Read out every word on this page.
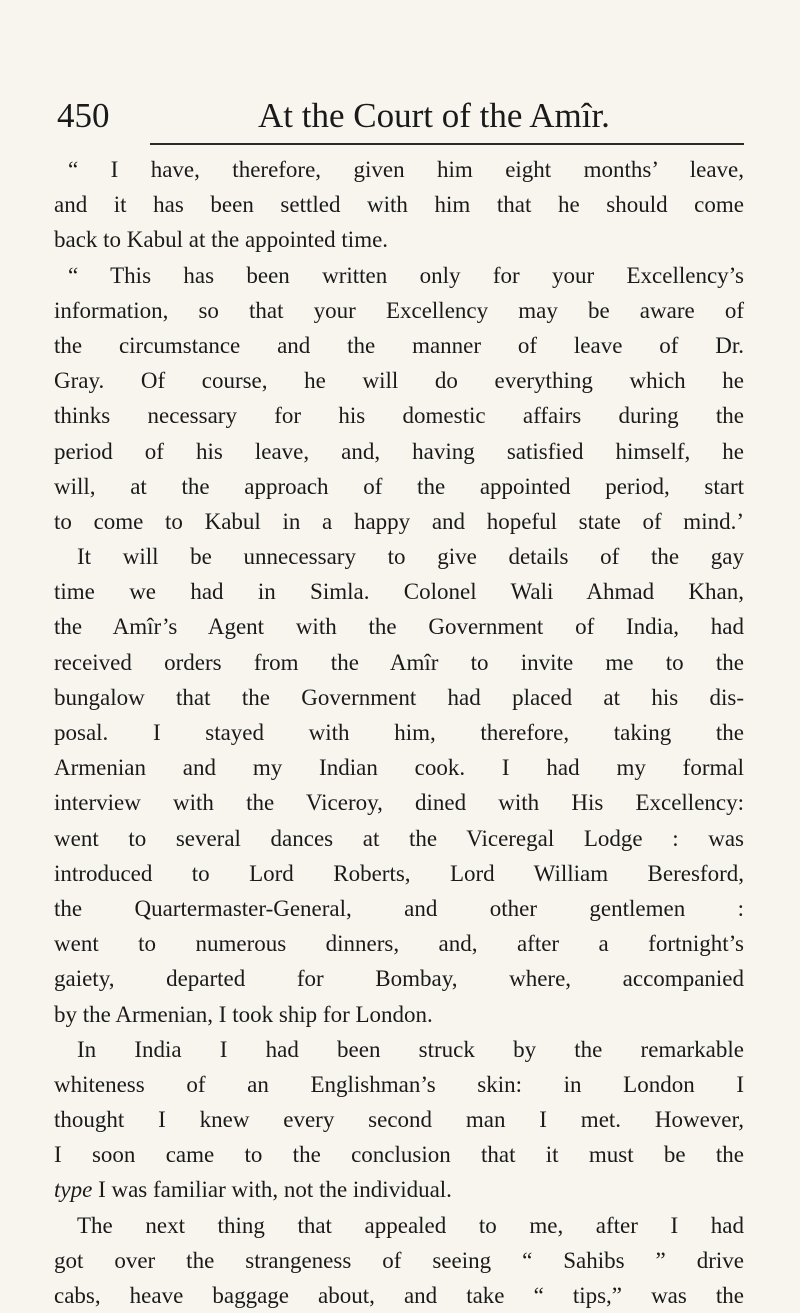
450	At the Court of the Amîr.
“ I have, therefore, given him eight months’ leave,
and it has been settled with him that he should come
back to Kabul at the appointed time.
“ This has been written only for your Excellency’s
information, so that your Excellency may be aware of
the circumstance and the manner of leave of Dr.
Gray. Of course, he will do everything which he
thinks necessary for his domestic affairs during the
period of his leave, and, having satisfied himself, he
will, at the approach of the appointed period, start
to come to Kabul in a happy and hopeful state of mind.’
It will be unnecessary to give details of the gay
time we had in Simla. Colonel Wali Ahmad Khan,
the Amîr’s Agent with the Government of India, had
received orders from the Amîr to invite me to the
bungalow that the Government had placed at his dis-
posal. I stayed with him, therefore, taking the
Armenian and my Indian cook. I had my formal
interview with the Viceroy, dined with His Excellency:
went to several dances at the Viceregal Lodge : was
introduced to Lord Roberts, Lord William Beresford,
the Quartermaster-General, and other gentlemen :
went to numerous dinners, and, after a fortnight’s
gaiety, departed for Bombay, where, accompanied
by the Armenian, I took ship for London.
In India I had been struck by the remarkable
whiteness of an Englishman’s skin: in London I
thought I knew every second man I met. However,
I soon came to the conclusion that it must be the
type I was familiar with, not the individual.
The next thing that appealed to me, after I had
got over the strangeness of seeing “ Sahibs ” drive
cabs, heave baggage about, and take “ tips,” was the
